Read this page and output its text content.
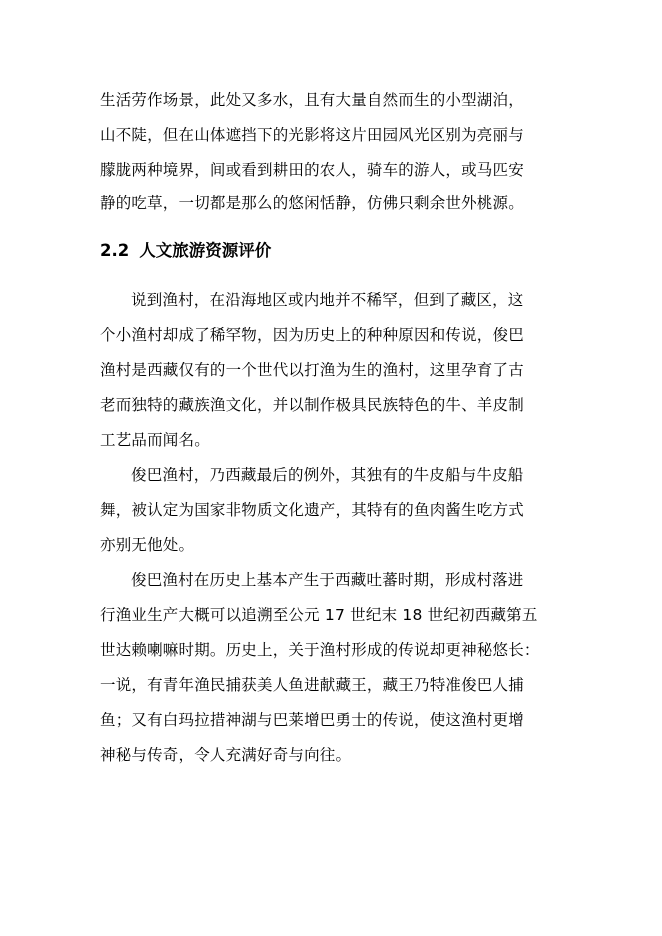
生活劳作场景，此处又多水，且有大量自然而生的小型湖泊，
山不陡，但在山体遮挡下的光影将这片田园风光区别为亮丽与
朦胧两种境界，间或看到耕田的农人，骑车的游人，或马匹安
静的吃草，一切都是那么的悠闲恬静，仿佛只剩余世外桃源。
2.2 人文旅游资源评价
说到渔村，在沿海地区或内地并不稀罕，但到了藏区，这
个小渔村却成了稀罕物，因为历史上的种种原因和传说，俊巴
渔村是西藏仅有的一个世代以打渔为生的渔村，这里孕育了古
老而独特的藏族渔文化，并以制作极具民族特色的牛、羊皮制
工艺品而闻名。
俊巴渔村，乃西藏最后的例外，其独有的牛皮船与牛皮船
舞，被认定为国家非物质文化遗产，其特有的鱼肉酱生吃方式
亦别无他处。
俊巴渔村在历史上基本产生于西藏吐蕃时期，形成村落进
行渔业生产大概可以追溯至公元 17 世纪末 18 世纪初西藏第五
世达赖喇嘛时期。历史上，关于渔村形成的传说却更神秘悠长：
一说，有青年渔民捕获美人鱼进献藏王，藏王乃特准俊巴人捕
鱼；又有白玛拉措神湖与巴莱增巴勇士的传说，使这渔村更增
神秘与传奇，令人充满好奇与向往。
